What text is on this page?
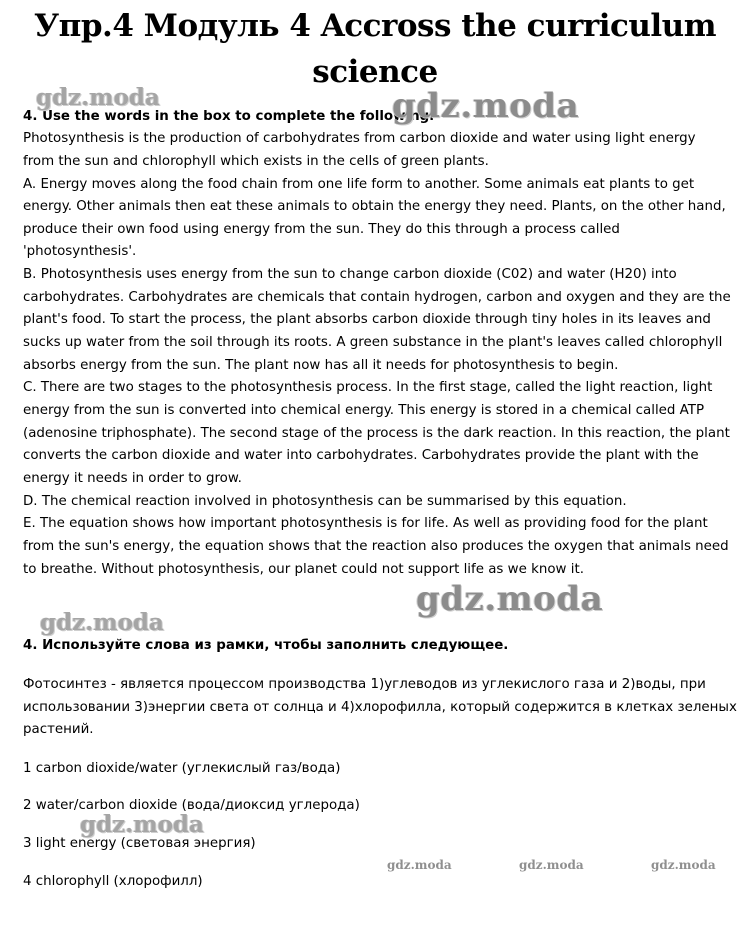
Упр.4 Модуль 4 Accross the curriculum
science
4. Use the words in the box to complete the following.
Photosynthesis is the production of carbohydrates from carbon dioxide and water using light energy
from the sun and chlorophyll which exists in the cells of green plants.
A. Energy moves along the food chain from one life form to another. Some animals eat plants to get
energy. Other animals then eat these animals to obtain the energy they need. Plants, on the other hand,
produce their own food using energy from the sun. They do this through a process called
'photosynthesis'.
B. Photosynthesis uses energy from the sun to change carbon dioxide (C02) and water (H20) into
carbohydrates. Carbohydrates are chemicals that contain hydrogen, carbon and oxygen and they are the
plant's food. To start the process, the plant absorbs carbon dioxide through tiny holes in its leaves and
sucks up water from the soil through its roots. A green substance in the plant's leaves called chlorophyll
absorbs energy from the sun. The plant now has all it needs for photosynthesis to begin.
C. There are two stages to the photosynthesis process. In the first stage, called the light reaction, light
energy from the sun is converted into chemical energy. This energy is stored in a chemical called ATP
(adenosine triphosphate). The second stage of the process is the dark reaction. In this reaction, the plant
converts the carbon dioxide and water into carbohydrates. Carbohydrates provide the plant with the
energy it needs in order to grow.
D. The chemical reaction involved in photosynthesis can be summarised by this equation.
E. The equation shows how important photosynthesis is for life. As well as providing food for the plant
from the sun's energy, the equation shows that the reaction also produces the oxygen that animals need
to breathe. Without photosynthesis, our planet could not support life as we know it.
4. Используйте слова из рамки, чтобы заполнить следующее.
Фотосинтез - является процессом производства 1)углеводов из углекислого газа и 2)воды, при
использовании 3)энергии света от солнца и 4)хлорофилла, который содержится в клетках зеленых
растений.
1 carbon dioxide/water (углекислый газ/вода)
2 water/carbon dioxide (вода/диоксид углерода)
3 light energy (световая энергия)
4 chlorophyll (хлорофилл)
gdz.moda	gdz.moda
gdz.moda
gdz.moda
gdz.moda
gdz.moda	gdz.moda	gdz.moda
